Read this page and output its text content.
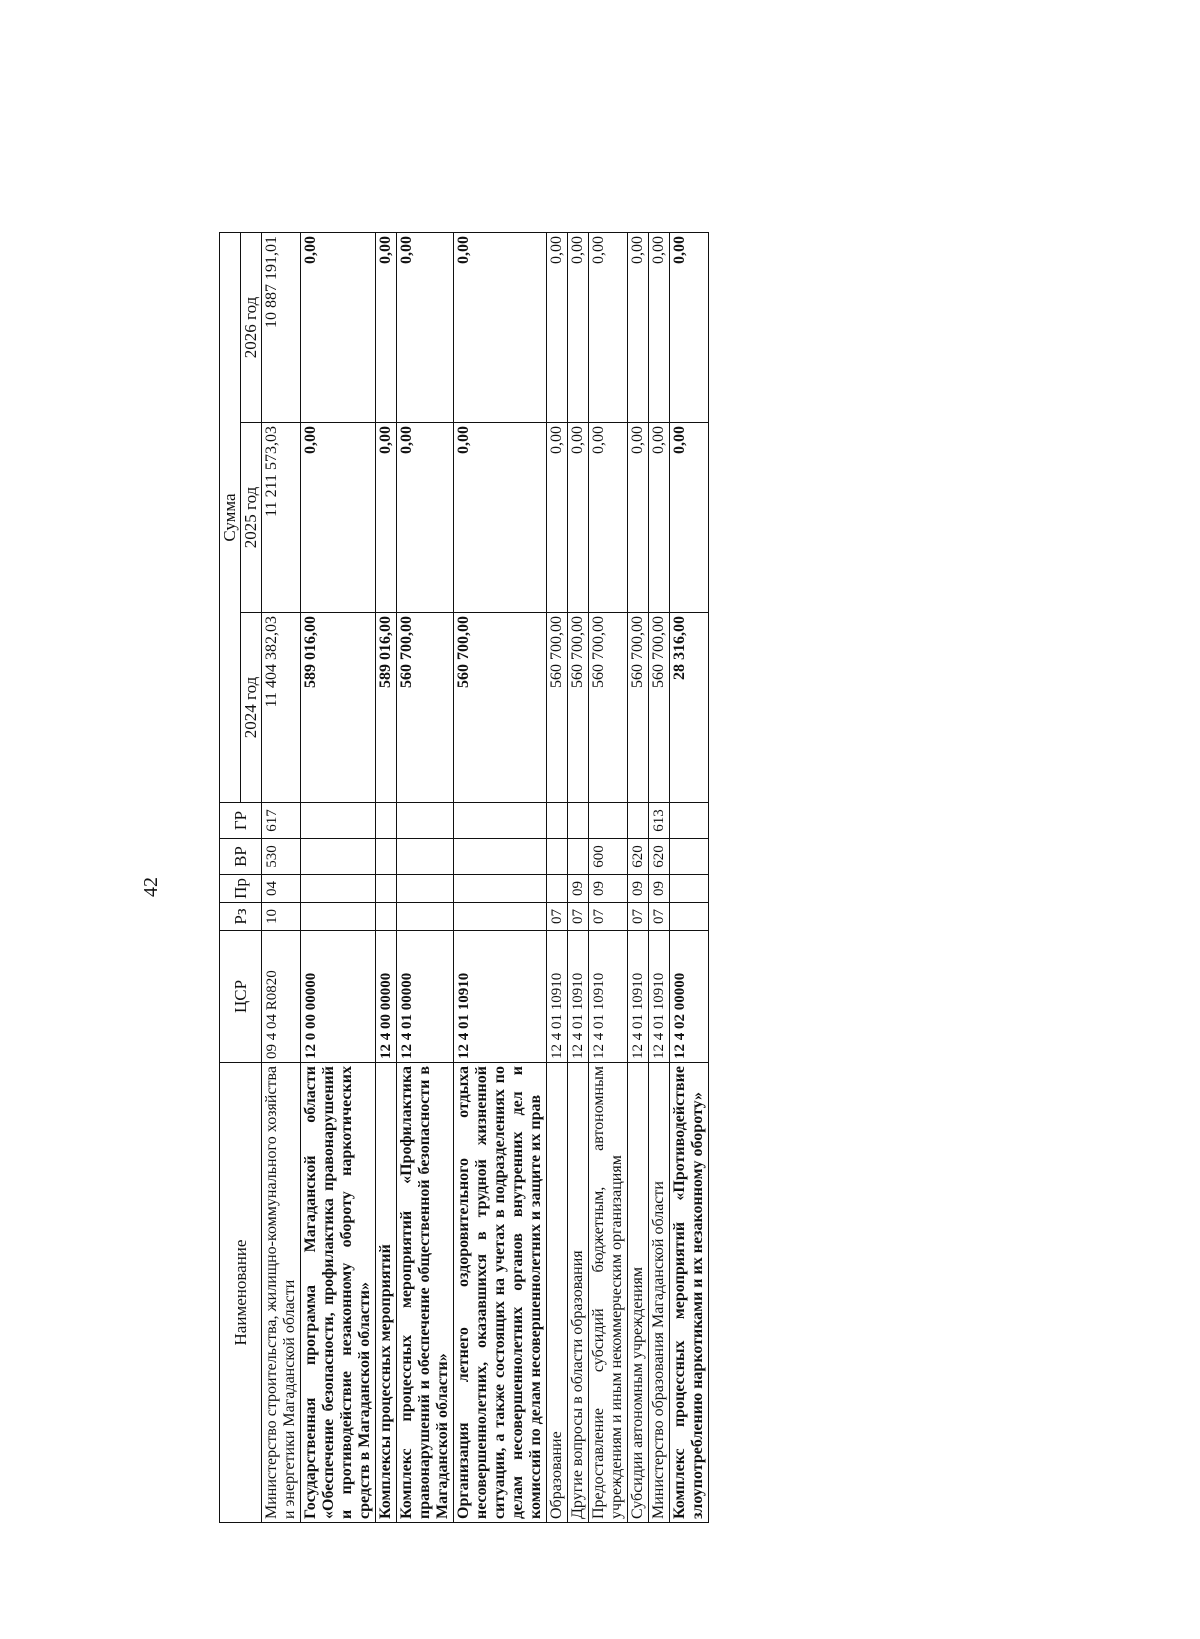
42
Наименование	ЦСР	Рз	Пр	ВР	ГР	Сумма		
						2024 год	2025 год	2026 год
Министерство строительства, жилищно-коммунального хозяйства и энергетики Магаданской области	09 4 04 R0820	10	04	530	617	11 404 382,03	11 211 573,03	10 887 191,01
Государственная программа Магаданской области «Обеспечение безопасности, профилактика правонарушений и противодействие незаконному обороту наркотических средств в Магаданской области»	12 0 00 00000					589 016,00	0,00	0,00
Комплексы процессных мероприятий	12 4 00 00000					589 016,00	0,00	0,00
Комплекс процессных мероприятий «Профилактика правонарушений и обеспечение общественной безопасности в Магаданской области»	12 4 01 00000					560 700,00	0,00	0,00
Организация летнего оздоровительного отдыха несовершеннолетних, оказавшихся в трудной жизненной ситуации, а также состоящих на учетах в подразделениях по делам несовершеннолетних органов внутренних дел и комиссий по делам несовершеннолетних и защите их прав	12 4 01 10910					560 700,00	0,00	0,00
Образование	12 4 01 10910	07				560 700,00	0,00	0,00
Другие вопросы в области образования	12 4 01 10910	07	09			560 700,00	0,00	0,00
Предоставление субсидий бюджетным, автономным учреждениям и иным некоммерческим организациям	12 4 01 10910	07	09	600		560 700,00	0,00	0,00
Субсидии автономным учреждениям	12 4 01 10910	07	09	620		560 700,00	0,00	0,00
Министерство образования Магаданской области	12 4 01 10910	07	09	620	613	560 700,00	0,00	0,00
Комплекс процессных мероприятий «Противодействие злоупотреблению наркотиками и их незаконному обороту»	12 4 02 00000					28 316,00	0,00	0,00
